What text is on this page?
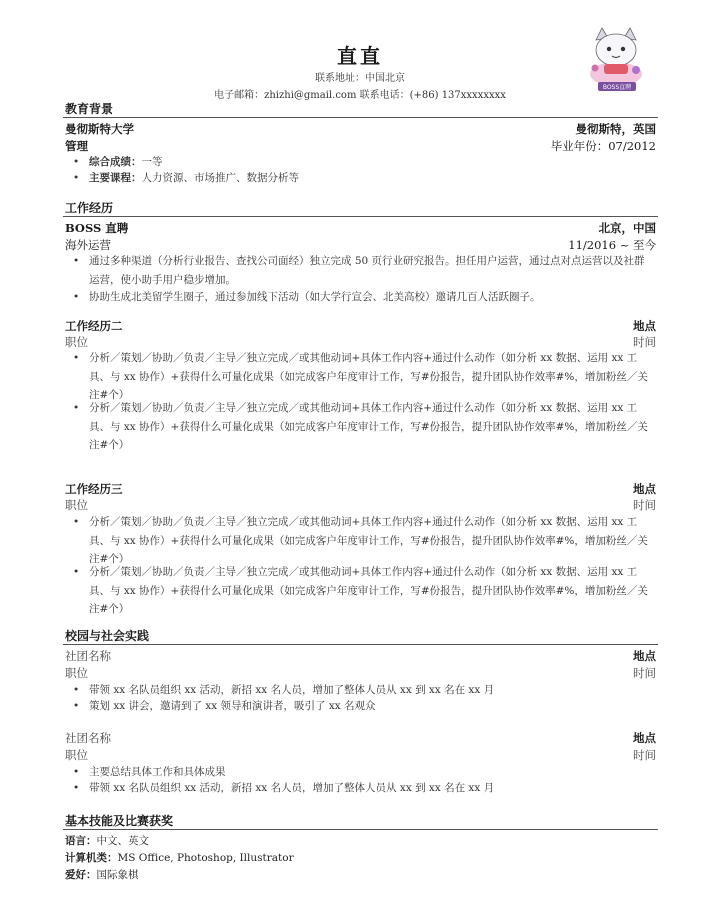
直直
联系地址：中国北京
电子邮箱：zhizhi@gmail.com 联系电话：(+86) 137xxxxxxxx
BOSS直聘
教育背景
曼彻斯特大学	曼彻斯特，英国
管理	毕业年份：07/2012
• 综合成绩：一等
• 主要课程：人力资源、市场推广、数据分析等
工作经历
BOSS 直聘	北京，中国
海外运营	11/2016 ~ 至今
• 通过多种渠道（分析行业报告、查找公司面经）独立完成 50 页行业研究报告。担任用户运营，通过点对点运营以及社群运营，使小助手用户稳步增加。
• 协助生成北美留学生圈子，通过参加线下活动（如大学行宣会、北美高校）邀请几百人活跃圈子。
工作经历二	地点
职位	时间
• 分析／策划／协助／负责／主导／独立完成／或其他动词+具体工作内容+通过什么动作（如分析 xx 数据、运用 xx 工具、与 xx 协作）+获得什么可量化成果（如完成客户年度审计工作，写#份报告，提升团队协作效率#%，增加粉丝／关注#个）
• 分析／策划／协助／负责／主导／独立完成／或其他动词+具体工作内容+通过什么动作（如分析 xx 数据、运用 xx 工具、与 xx 协作）+获得什么可量化成果（如完成客户年度审计工作，写#份报告，提升团队协作效率#%，增加粉丝／关注#个）
工作经历三	地点
职位	时间
• 分析／策划／协助／负责／主导／独立完成／或其他动词+具体工作内容+通过什么动作（如分析 xx 数据、运用 xx 工具、与 xx 协作）+获得什么可量化成果（如完成客户年度审计工作，写#份报告，提升团队协作效率#%，增加粉丝／关注#个）
• 分析／策划／协助／负责／主导／独立完成／或其他动词+具体工作内容+通过什么动作（如分析 xx 数据、运用 xx 工具、与 xx 协作）+获得什么可量化成果（如完成客户年度审计工作，写#份报告，提升团队协作效率#%，增加粉丝／关注#个）
校园与社会实践
社团名称	地点
职位	时间
• 带领 xx 名队员组织 xx 活动，新招 xx 名人员，增加了整体人员从 xx 到 xx 名在 xx 月
• 策划 xx 讲会，邀请到了 xx 领导和演讲者，吸引了 xx 名观众
社团名称	地点
职位	时间
• 主要总结具体工作和具体成果
• 带领 xx 名队员组织 xx 活动，新招 xx 名人员，增加了整体人员从 xx 到 xx 名在 xx 月
基本技能及比赛获奖
语言：中文、英文
计算机类：MS Office, Photoshop, Illustrator
爱好：国际象棋
